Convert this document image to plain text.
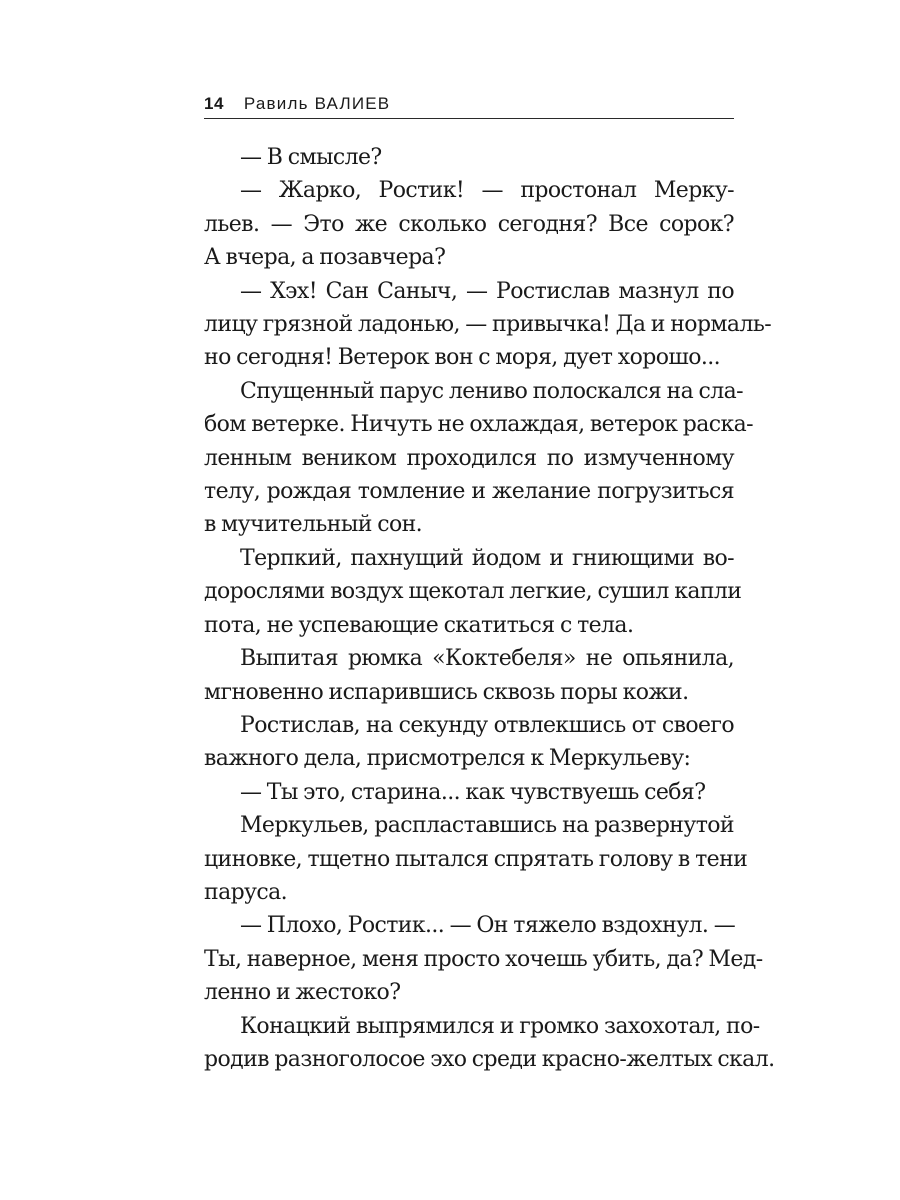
14 Равиль ВАЛИЕВ
— В смысле?
— Жарко, Ростик! — простонал Мерку-
льев. — Это же сколько сегодня? Все сорок?
А вчера, а позавчера?
— Хэх! Сан Саныч, — Ростислав мазнул по
лицу грязной ладонью, — привычка! Да и нормаль-
но сегодня! Ветерок вон с моря, дует хорошо...
Спущенный парус лениво полоскался на сла-
бом ветерке. Ничуть не охлаждая, ветерок раска-
ленным веником проходился по измученному
телу, рождая томление и желание погрузиться
в мучительный сон.
Терпкий, пахнущий йодом и гниющими во-
дорослями воздух щекотал легкие, сушил капли
пота, не успевающие скатиться с тела.
Выпитая рюмка «Коктебеля» не опьянила,
мгновенно испарившись сквозь поры кожи.
Ростислав, на секунду отвлекшись от своего
важного дела, присмотрелся к Меркульеву:
— Ты это, старина... как чувствуешь себя?
Меркульев, распластавшись на развернутой
циновке, тщетно пытался спрятать голову в тени
паруса.
— Плохо, Ростик... — Он тяжело вздохнул. —
Ты, наверное, меня просто хочешь убить, да? Мед-
ленно и жестоко?
Конацкий выпрямился и громко захохотал, по-
родив разноголосое эхо среди красно-желтых скал.
